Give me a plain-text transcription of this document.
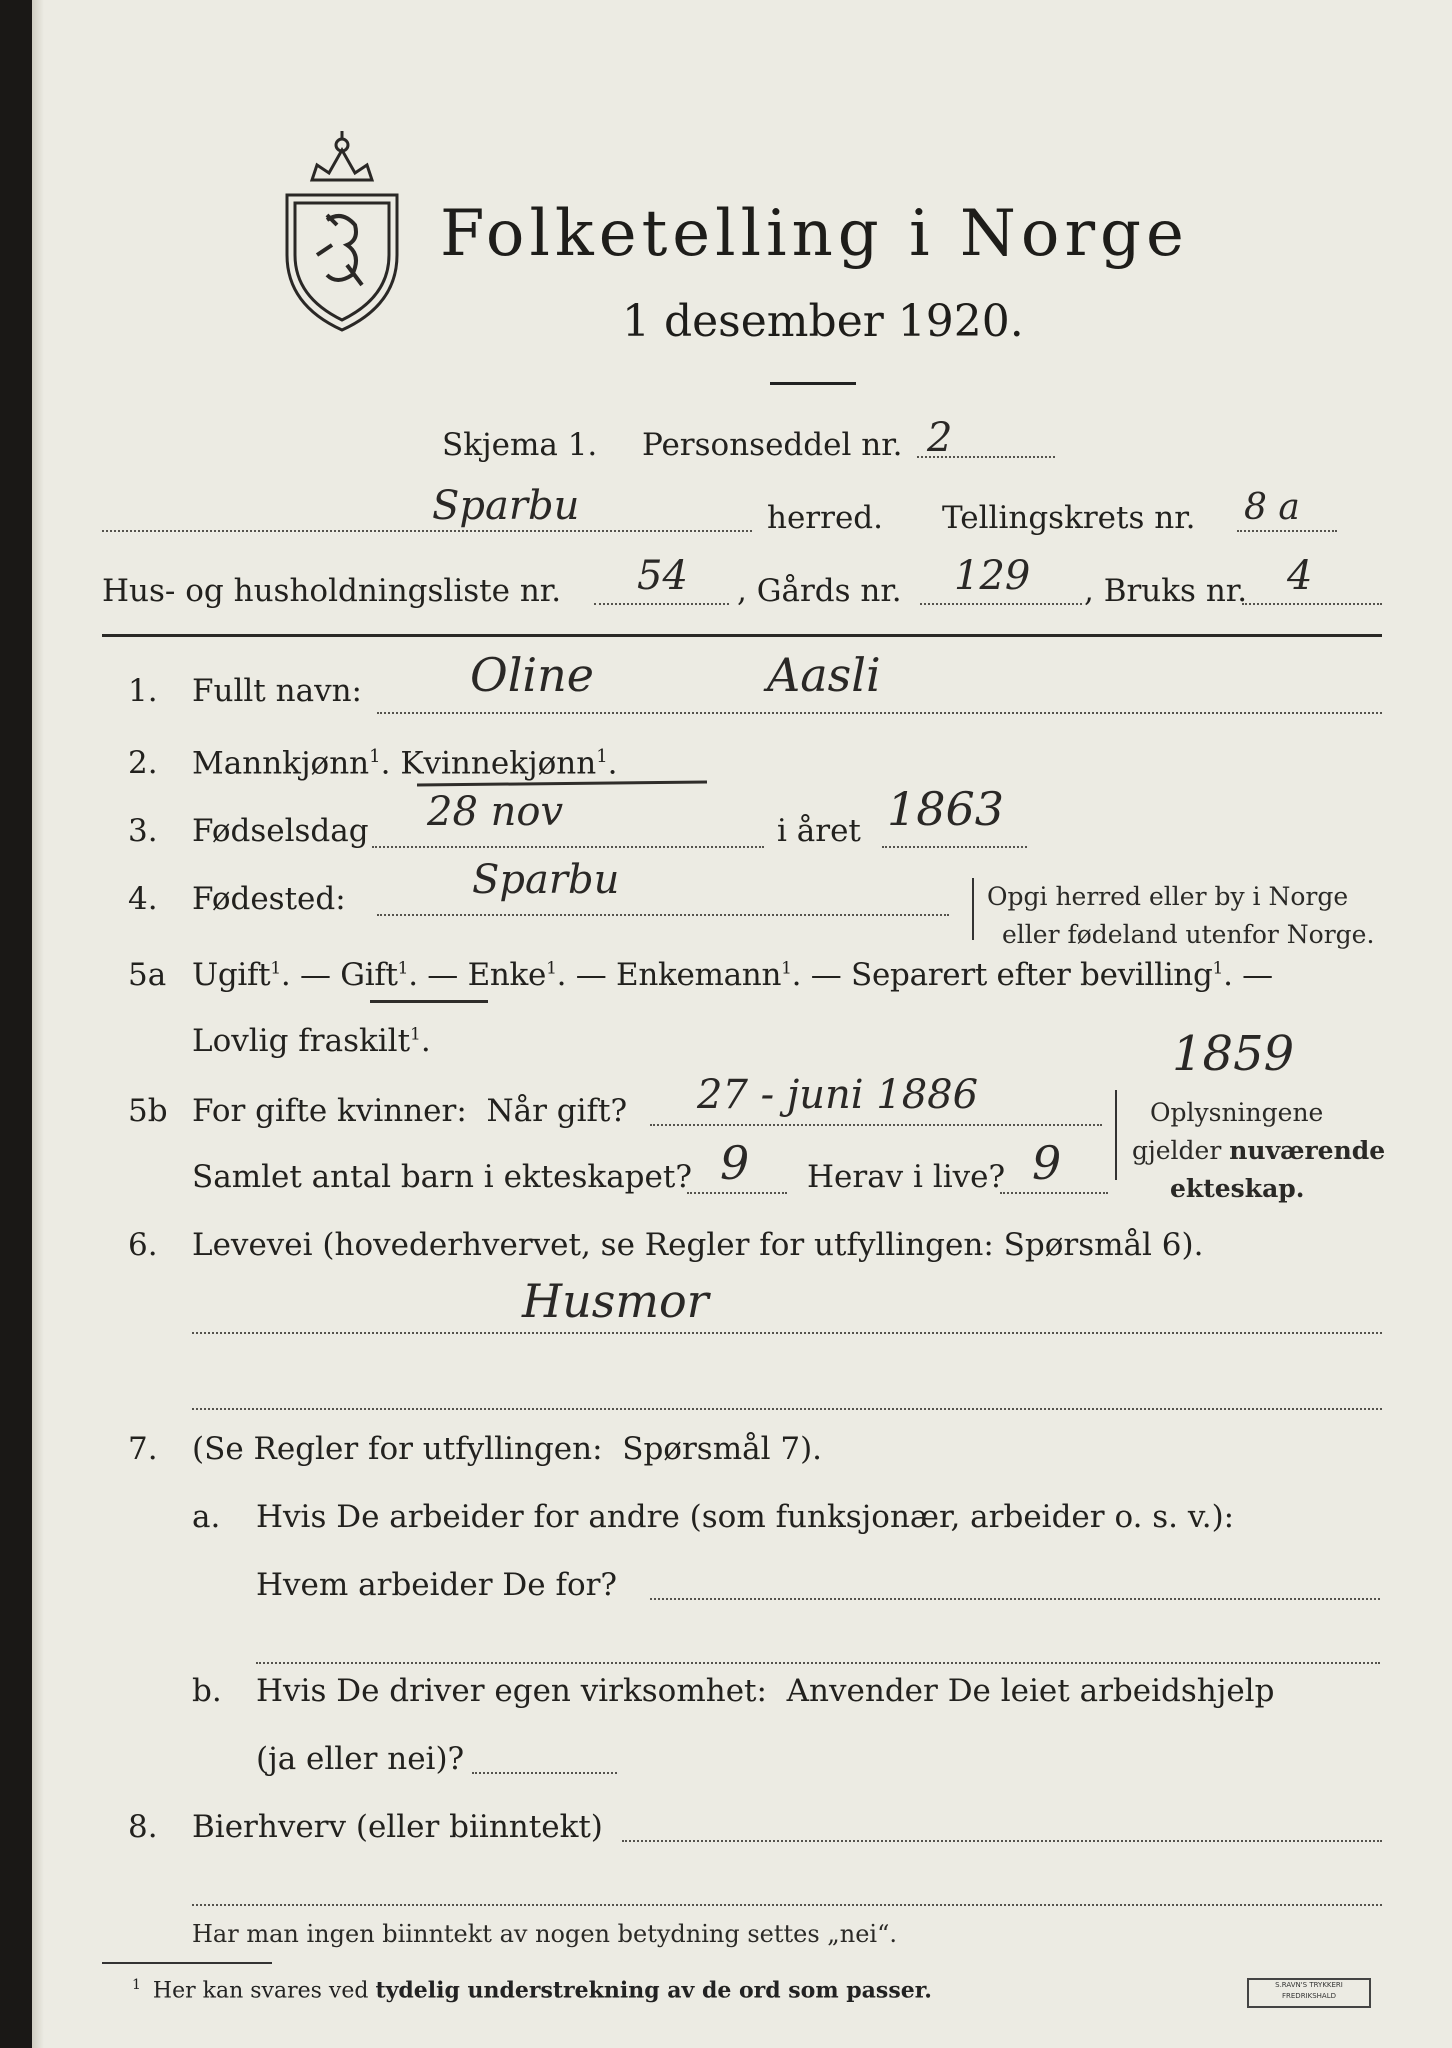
Folketelling i Norge
1 desember 1920.
Skjema 1. Personseddel nr. 2
Sparbu	herred. Tellingskrets nr. 8 a
Hus- og husholdningsliste nr. 54 , Gårds nr. 129 , Bruks nr. 4
1. Fullt navn: Oline	Aasli
2. Mannkjønn$^1$. Kvinnekjønn$^1$.
3. Fødselsdag 28 nov	i året 1863
4. Fødested:	Sparbu	Opgi herred eller by i Norge
eller fødeland utenfor Norge.
5a Ugift$^1$. — Gift$^1$. — Enke$^1$. — Enkemann$^1$. — Separert efter bevilling$^1$. —
Lovlig fraskilt$^1$.	1859
5b For gifte kvinner:  Når gift? 27 - juni 1886
Samlet antal barn i ekteskapet? 9 Herav i live? 9
Oplysningene
gjelder nuværende
ekteskap.
6. Levevei (hovederhvervet, se Regler for utfyllingen: Spørsmål 6).
Husmor
7. (Se Regler for utfyllingen:  Spørsmål 7).
a. Hvis De arbeider for andre (som funksjonær, arbeider o. s. v.):
Hvem arbeider De for?
b. Hvis De driver egen virksomhet:  Anvender De leiet arbeidshjelp
(ja eller nei)?
8. Bierhverv (eller biinntekt)
Har man ingen biinntekt av nogen betydning settes „nei“.
$^1$ Her kan svares ved tydelig understrekning av de ord som passer.	S.RAVN'S TRYKKERI
FREDRIKSHALD
